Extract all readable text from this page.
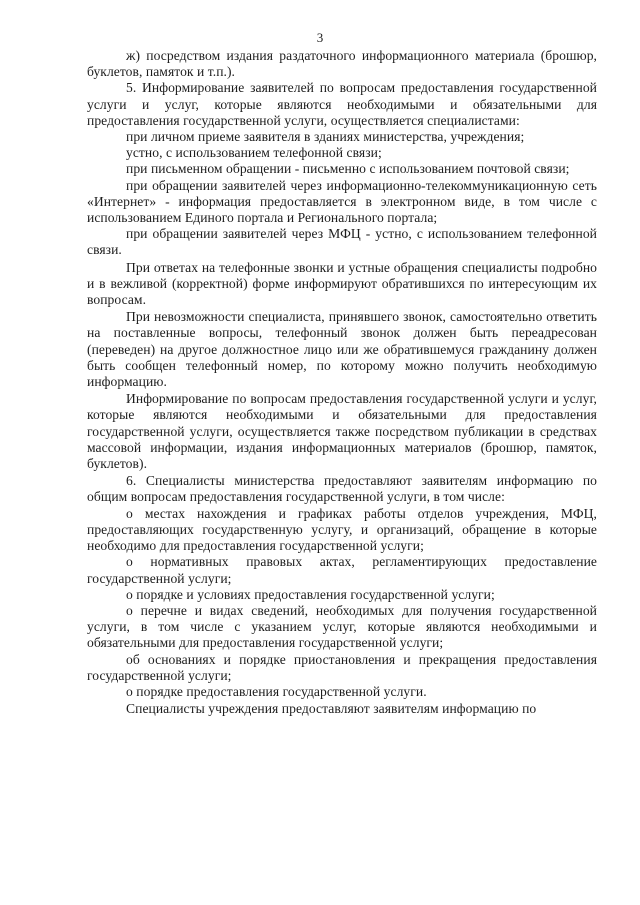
3

ж) посредством издания раздаточного информационного материала (брошюр, буклетов, памяток и т.п.).

5. Информирование заявителей по вопросам предоставления государственной услуги и услуг, которые являются необходимыми и обязательными для предоставления государственной услуги, осуществляется специалистами:

при личном приеме заявителя в зданиях министерства, учреждения;

устно, с использованием телефонной связи;

при письменном обращении - письменно с использованием почтовой связи;

при обращении заявителей через информационно-телекоммуникационную сеть «Интернет» - информация предоставляется в электронном виде, в том числе с использованием Единого портала и Регионального портала;

при обращении заявителей через МФЦ - устно, с использованием телефонной связи.

При ответах на телефонные звонки и устные обращения специалисты подробно и в вежливой (корректной) форме информируют обратившихся по интересующим их вопросам.

При невозможности специалиста, принявшего звонок, самостоятельно ответить на поставленные вопросы, телефонный звонок должен быть переадресован (переведен) на другое должностное лицо или же обратившемуся гражданину должен быть сообщен телефонный номер, по которому можно получить необходимую информацию.

Информирование по вопросам предоставления государственной услуги и услуг, которые являются необходимыми и обязательными для предоставления государственной услуги, осуществляется также посредством публикации в средствах массовой информации, издания информационных материалов (брошюр, памяток, буклетов).

6. Специалисты министерства предоставляют заявителям информацию по общим вопросам предоставления государственной услуги, в том числе:

о местах нахождения и графиках работы отделов учреждения, МФЦ, предоставляющих государственную услугу, и организаций, обращение в которые необходимо для предоставления государственной услуги;

о нормативных правовых актах, регламентирующих предоставление государственной услуги;

о порядке и условиях предоставления государственной услуги;

о перечне и видах сведений, необходимых для получения государственной услуги, в том числе с указанием услуг, которые являются необходимыми и обязательными для предоставления государственной услуги;

об основаниях и порядке приостановления и прекращения предоставления государственной услуги;

о порядке предоставления государственной услуги.

Специалисты учреждения предоставляют заявителям информацию по
